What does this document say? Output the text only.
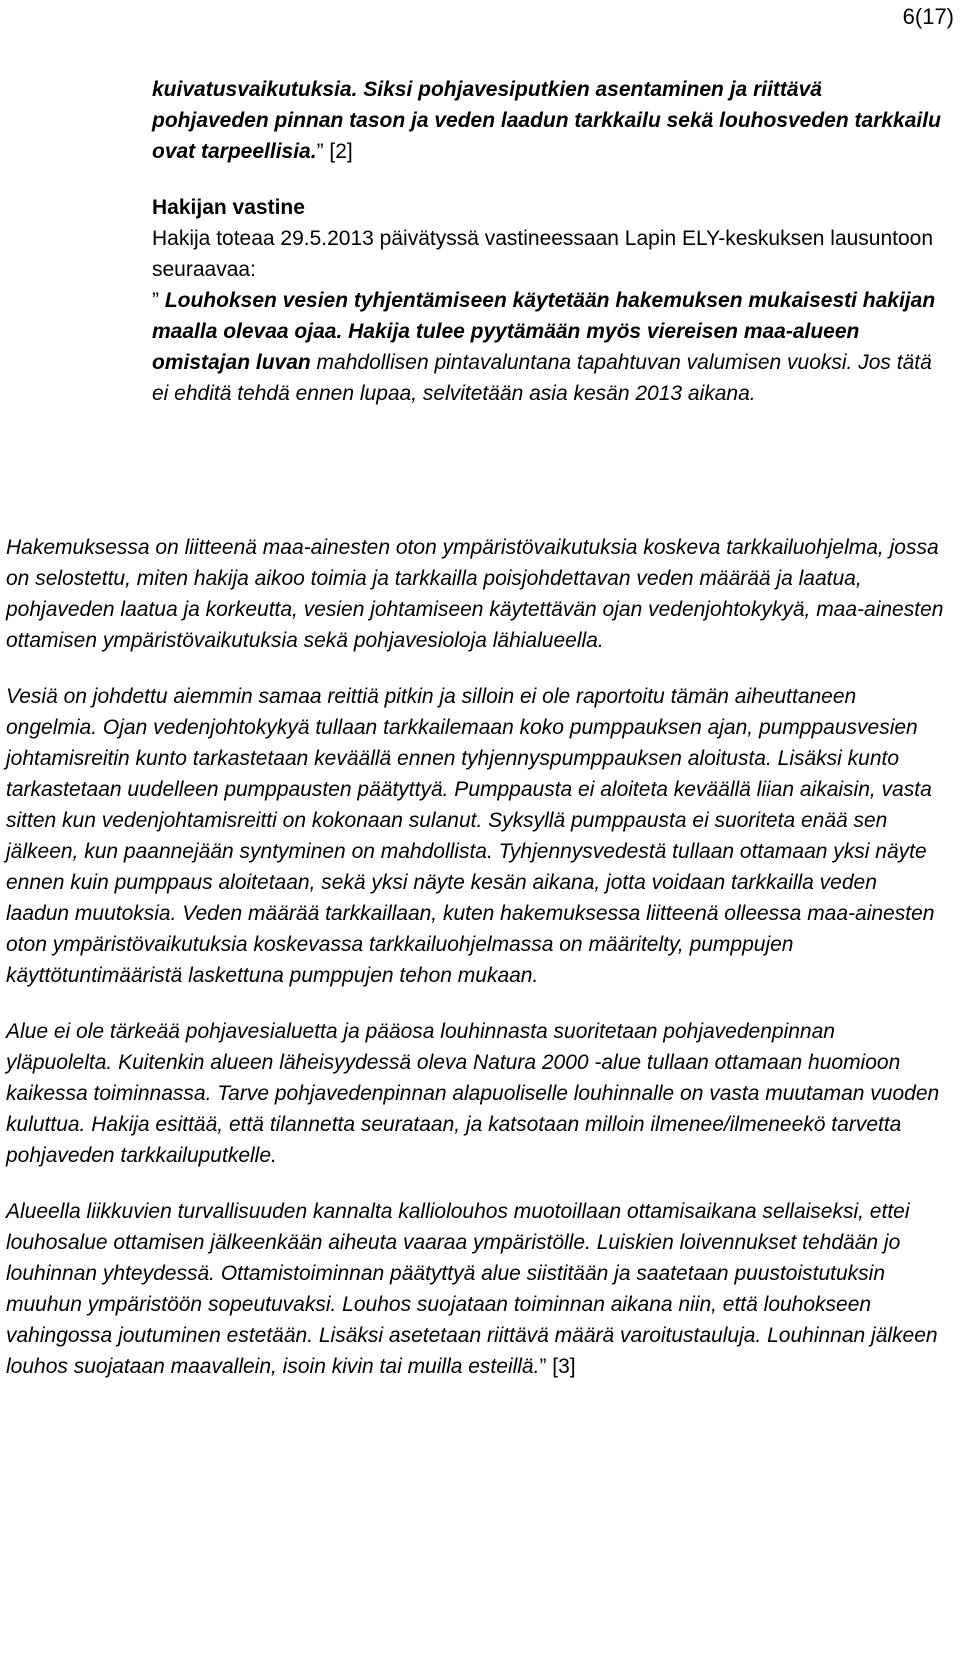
6(17)

kuivatusvaikutuksia. Siksi pohjavesiputkien asentaminen ja riittävä pohjaveden pinnan tason ja veden laadun tarkkailu sekä louhosveden tarkkailu ovat tarpeellisia.” [2]

Hakijan vastine

Hakija toteaa 29.5.2013 päivätyssä vastineessaan Lapin ELY-keskuksen lausuntoon seuraavaa:

” Louhoksen vesien tyhjentämiseen käytetään hakemuksen mukaisesti hakijan maalla olevaa ojaa. Hakija tulee pyytämään myös viereisen maa-alueen omistajan luvan mahdollisen pintavaluntana tapahtuvan valumisen vuoksi. Jos tätä ei ehditä tehdä ennen lupaa, selvitetään asia kesän 2013 aikana.

Hakemuksessa on liitteenä maa-ainesten oton ympäristövaikutuksia koskeva tarkkailuohjelma, jossa on selostettu, miten hakija aikoo toimia ja tarkkailla poisjohdettavan veden määrää ja laatua, pohjaveden laatua ja korkeutta, vesien johtamiseen käytettävän ojan vedenjohtokykyä, maa-ainesten ottamisen ympäristövaikutuksia sekä pohjavesioloja lähialueella.

Vesiä on johdettu aiemmin samaa reittiä pitkin ja silloin ei ole raportoitu tämän aiheuttaneen ongelmia. Ojan vedenjohtokykyä tullaan tarkkailemaan koko pumppauksen ajan, pumppausvesien johtamisreitin kunto tarkastetaan keväällä ennen tyhjennyspumppauksen aloitusta. Lisäksi kunto tarkastetaan uudelleen pumppausten päätyttyä. Pumppausta ei aloiteta keväällä liian aikaisin, vasta sitten kun vedenjohtamisreitti on kokonaan sulanut. Syksyllä pumppausta ei suoriteta enää sen jälkeen, kun paannejään syntyminen on mahdollista. Tyhjennysvedestä tullaan ottamaan yksi näyte ennen kuin pumppaus aloitetaan, sekä yksi näyte kesän aikana, jotta voidaan tarkkailla veden laadun muutoksia. Veden määrää tarkkaillaan, kuten hakemuksessa liitteenä olleessa maa-ainesten oton ympäristövaikutuksia koskevassa tarkkailuohjelmassa on määritelty, pumppujen käyttötuntimääristä laskettuna pumppujen tehon mukaan.

Alue ei ole tärkeää pohjavesialuetta ja pääosa louhinnasta suoritetaan pohjavedenpinnan yläpuolelta. Kuitenkin alueen läheisyydessä oleva Natura 2000 -alue tullaan ottamaan huomioon kaikessa toiminnassa. Tarve pohjavedenpinnan alapuoliselle louhinnalle on vasta muutaman vuoden kuluttua. Hakija esittää, että tilannetta seurataan, ja katsotaan milloin ilmenee/ilmeneekö tarvetta pohjaveden tarkkailuputkelle.

Alueella liikkuvien turvallisuuden kannalta kalliolouhos muotoillaan ottamisaikana sellaiseksi, ettei louhosalue ottamisen jälkeenkään aiheuta vaaraa ympäristölle. Luiskien loivennukset tehdään jo louhinnan yhteydessä. Ottamistoiminnan päätyttyä alue siistitään ja saatetaan puustoistutuksin muuhun ympäristöön sopeutuvaksi. Louhos suojataan toiminnan aikana niin, että louhokseen vahingossa joutuminen estetään. Lisäksi asetetaan riittävä määrä varoitustauluja. Louhinnan jälkeen louhos suojataan maavallein, isoin kivin tai muilla esteillä.” [3]
